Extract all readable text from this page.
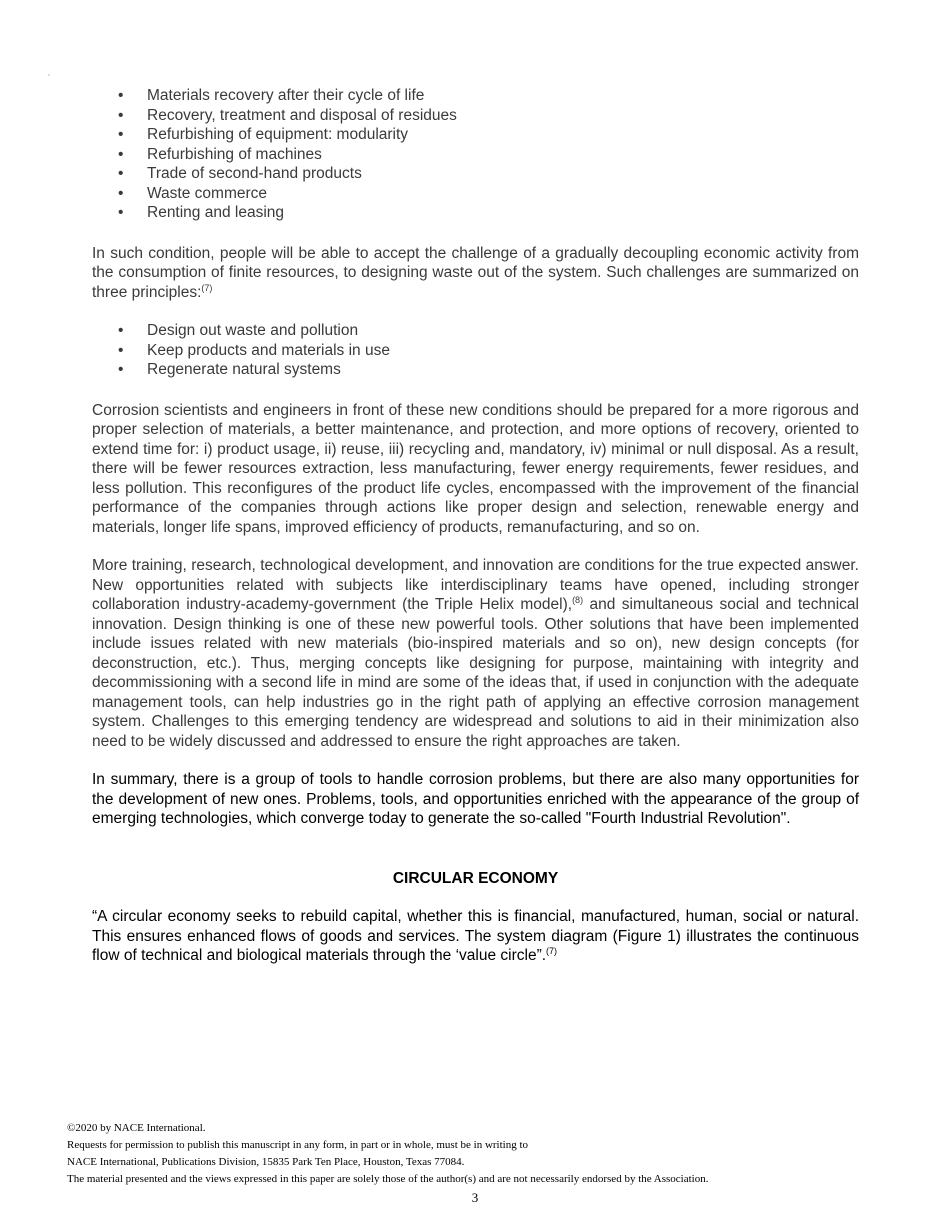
• Materials recovery after their cycle of life
• Recovery, treatment and disposal of residues
• Refurbishing of equipment: modularity
• Refurbishing of machines
• Trade of second-hand products
• Waste commerce
• Renting and leasing

In such condition, people will be able to accept the challenge of a gradually decoupling economic activity from the consumption of finite resources, to designing waste out of the system. Such challenges are summarized on three principles:$^{(7)}$

• Design out waste and pollution
• Keep products and materials in use
• Regenerate natural systems

Corrosion scientists and engineers in front of these new conditions should be prepared for a more rigorous and proper selection of materials, a better maintenance, and protection, and more options of recovery, oriented to extend time for: i) product usage, ii) reuse, iii) recycling and, mandatory, iv) minimal or null disposal. As a result, there will be fewer resources extraction, less manufacturing, fewer energy requirements, fewer residues, and less pollution. This reconfigures of the product life cycles, encompassed with the improvement of the financial performance of the companies through actions like proper design and selection, renewable energy and materials, longer life spans, improved efficiency of products, remanufacturing, and so on.

More training, research, technological development, and innovation are conditions for the true expected answer. New opportunities related with subjects like interdisciplinary teams have opened, including stronger collaboration industry-academy-government (the Triple Helix model),$^{(8)}$ and simultaneous social and technical innovation. Design thinking is one of these new powerful tools. Other solutions that have been implemented include issues related with new materials (bio-inspired materials and so on), new design concepts (for deconstruction, etc.). Thus, merging concepts like designing for purpose, maintaining with integrity and decommissioning with a second life in mind are some of the ideas that, if used in conjunction with the adequate management tools, can help industries go in the right path of applying an effective corrosion management system. Challenges to this emerging tendency are widespread and solutions to aid in their minimization also need to be widely discussed and addressed to ensure the right approaches are taken.

In summary, there is a group of tools to handle corrosion problems, but there are also many opportunities for the development of new ones. Problems, tools, and opportunities enriched with the appearance of the group of emerging technologies, which converge today to generate the so-called "Fourth Industrial Revolution".

CIRCULAR ECONOMY

“A circular economy seeks to rebuild capital, whether this is financial, manufactured, human, social or natural. This ensures enhanced flows of goods and services. The system diagram (Figure 1) illustrates the continuous flow of technical and biological materials through the ‘value circle”.$^{(7)}$

©2020 by NACE International.
Requests for permission to publish this manuscript in any form, in part or in whole, must be in writing to
NACE International, Publications Division, 15835 Park Ten Place, Houston, Texas 77084.
The material presented and the views expressed in this paper are solely those of the author(s) and are not necessarily endorsed by the Association.
3
